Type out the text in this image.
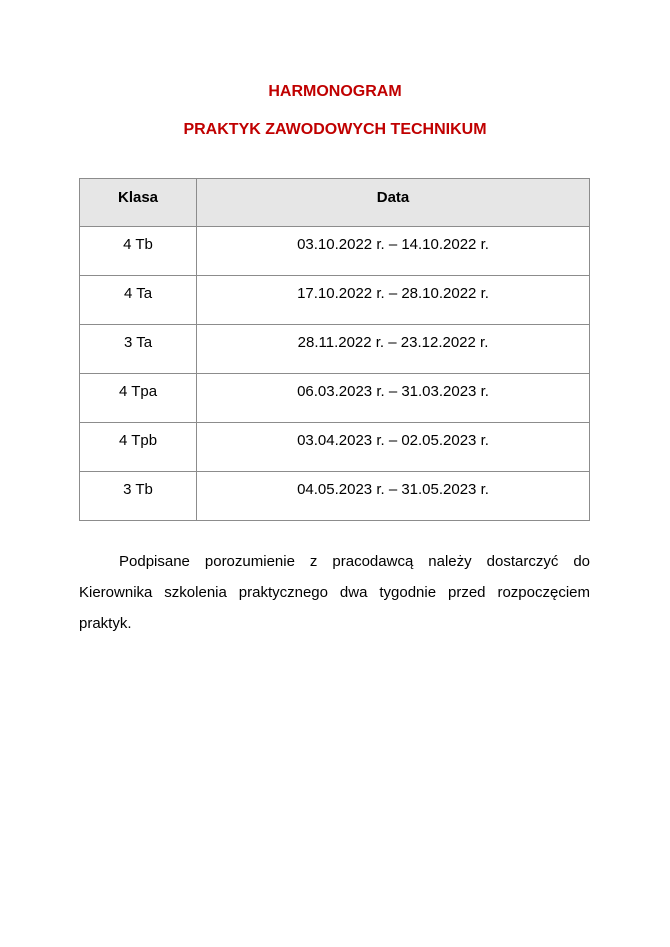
HARMONOGRAM
PRAKTYK ZAWODOWYCH TECHNIKUM
Klasa	Data
4 Tb	03.10.2022 r. – 14.10.2022 r.
4 Ta	17.10.2022 r. – 28.10.2022 r.
3 Ta	28.11.2022 r. – 23.12.2022 r.
4 Tpa	06.03.2023 r. – 31.03.2023 r.
4 Tpb	03.04.2023 r. – 02.05.2023 r.
3 Tb	04.05.2023 r. – 31.05.2023 r.

Podpisane porozumienie z pracodawcą należy dostarczyć do Kierownika szkolenia praktycznego dwa tygodnie przed rozpoczęciem praktyk.
